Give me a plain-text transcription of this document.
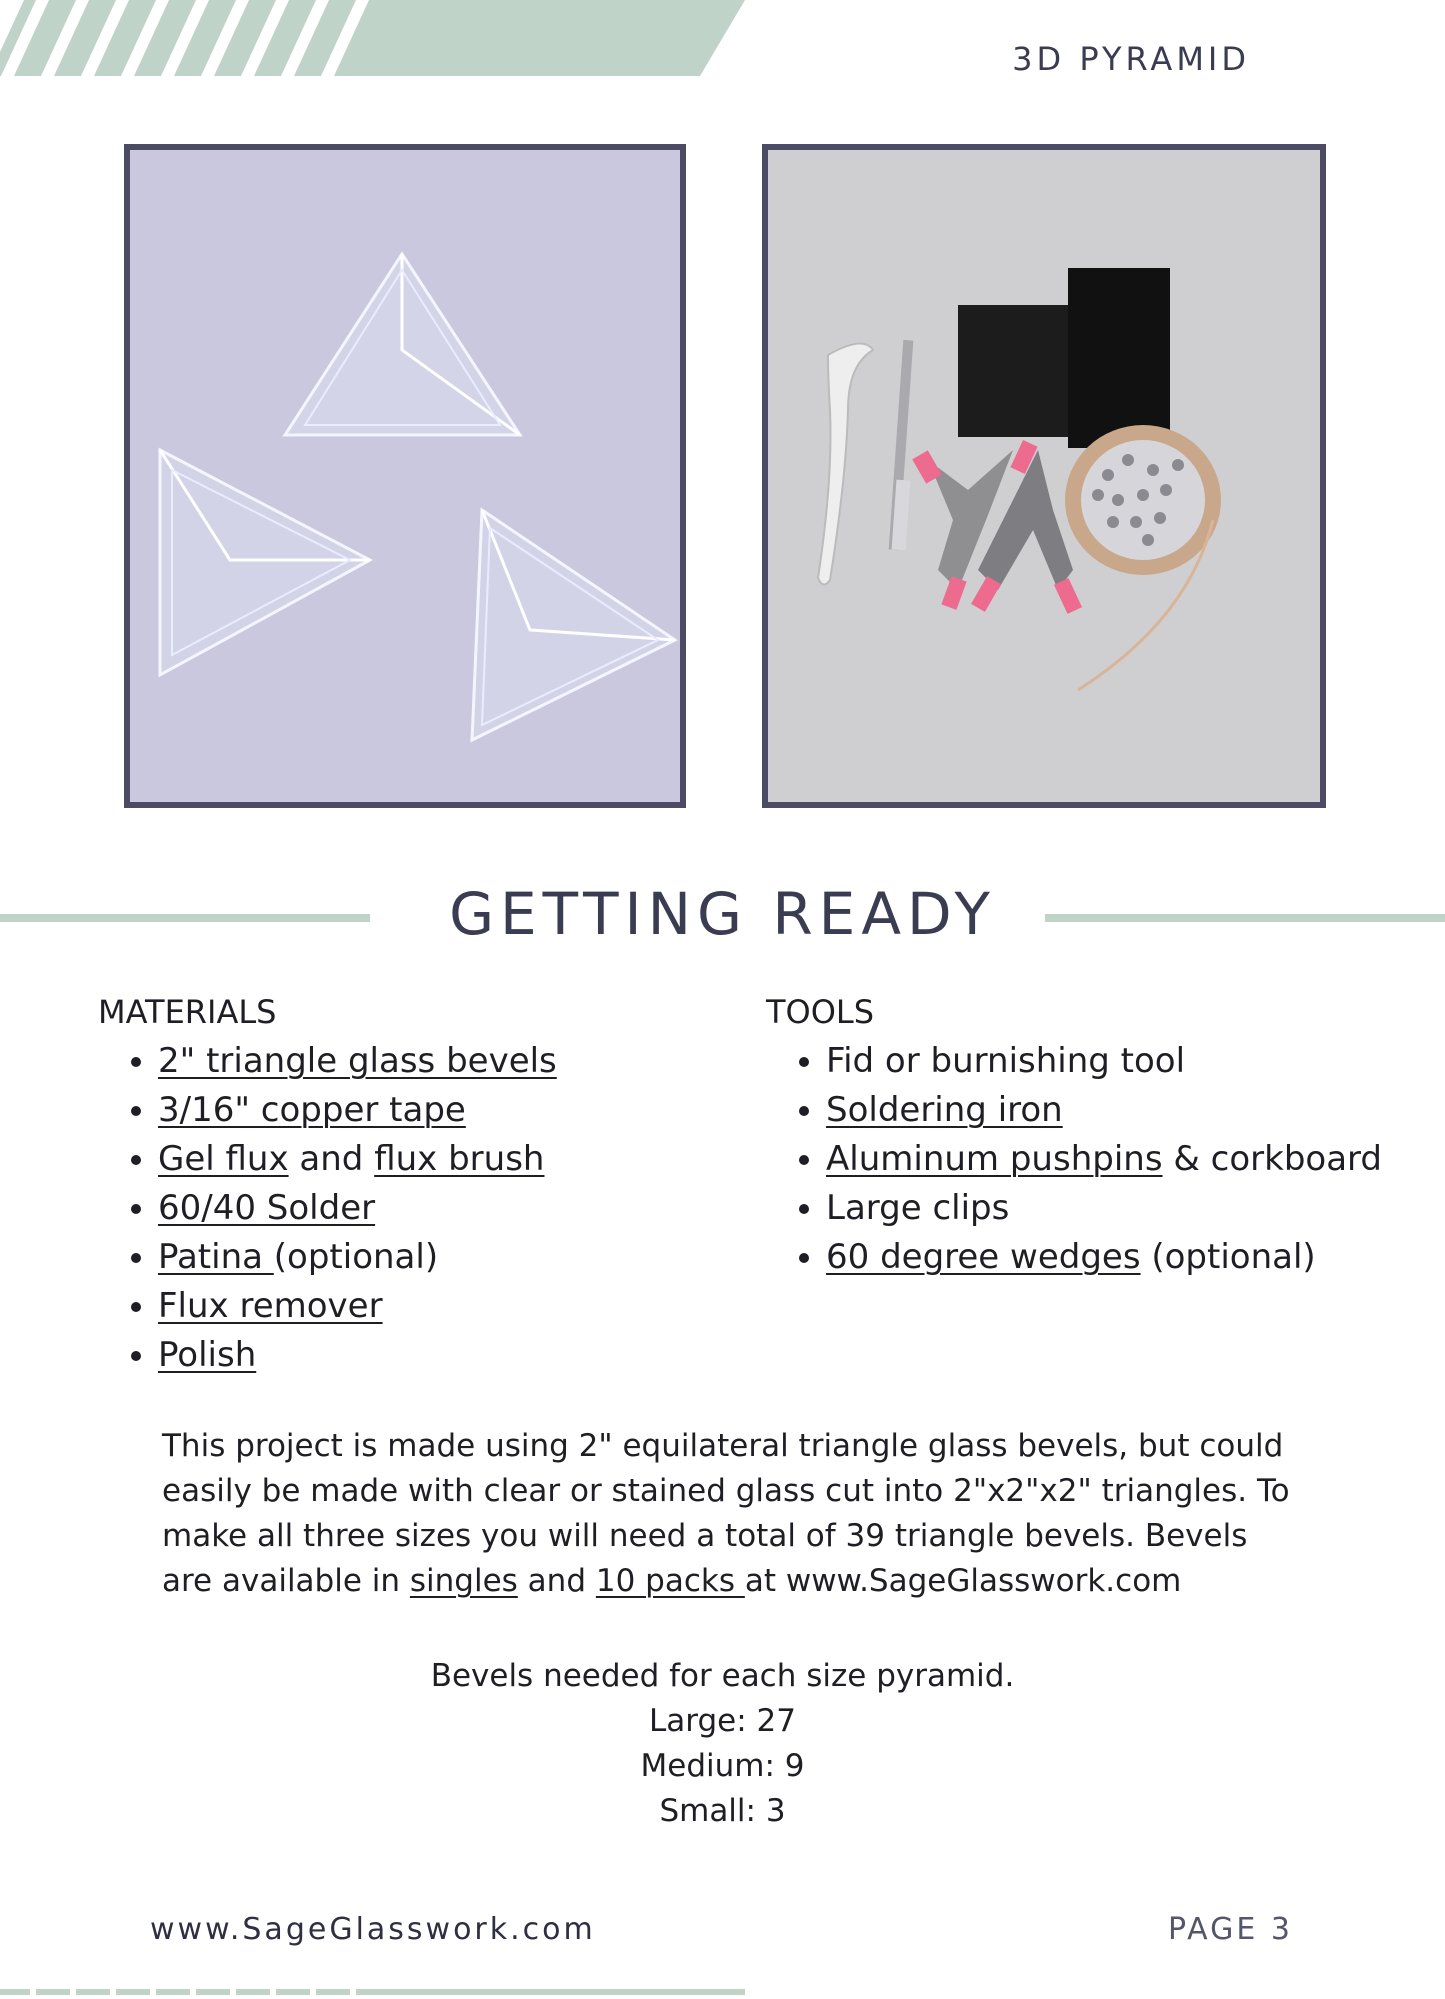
3D PYRAMID
GETTING READY
MATERIALS
• 2" triangle glass bevels
• 3/16" copper tape
• Gel flux and flux brush
• 60/40 Solder
• Patina (optional)
• Flux remover
• Polish
TOOLS
• Fid or burnishing tool
• Soldering iron
• Aluminum pushpins & corkboard
• Large clips
• 60 degree wedges (optional)
This project is made using 2" equilateral triangle glass bevels, but could easily be made with clear or stained glass cut into 2"x2"x2" triangles. To make all three sizes you will need a total of 39 triangle bevels. Bevels are available in singles and 10 packs at www.SageGlasswork.com
Bevels needed for each size pyramid.
Large: 27
Medium: 9
Small: 3
www.SageGlasswork.com	PAGE 3
